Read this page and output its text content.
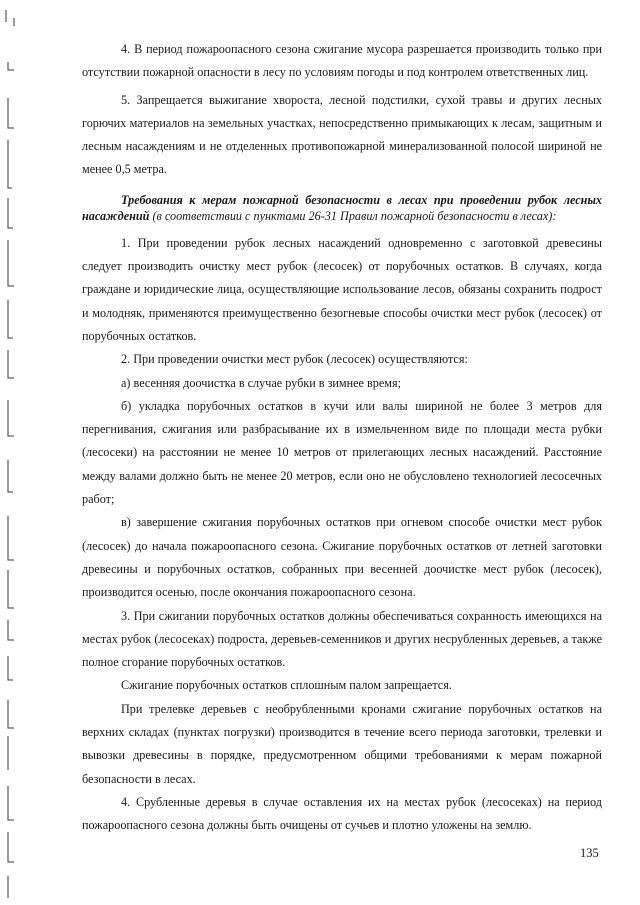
4. В период пожароопасного сезона сжигание мусора разрешается производить только при отсутствии пожарной опасности в лесу по условиям погоды и под контролем ответственных лиц.

5. Запрещается выжигание хвороста, лесной подстилки, сухой травы и других лесных горючих материалов на земельных участках, непосредственно примыкающих к лесам, защитным и лесным насаждениям и не отделенных противопожарной минерализованной полосой шириной не менее 0,5 метра.

Требования к мерам пожарной безопасности в лесах при проведении рубок лесных насаждений (в соответствии с пунктами 26-31 Правил пожарной безопасности в лесах):

1. При проведении рубок лесных насаждений одновременно с заготовкой древесины следует производить очистку мест рубок (лесосек) от порубочных остатков. В случаях, когда граждане и юридические лица, осуществляющие использование лесов, обязаны сохранить подрост и молодняк, применяются преимущественно безогневые способы очистки мест рубок (лесосек) от порубочных остатков.

2. При проведении очистки мест рубок (лесосек) осуществляются:

а) весенняя доочистка в случае рубки в зимнее время;

б) укладка порубочных остатков в кучи или валы шириной не более 3 метров для перегнивания, сжигания или разбрасывание их в измельченном виде по площади места рубки (лесосеки) на расстоянии не менее 10 метров от прилегающих лесных насаждений. Расстояние между валами должно быть не менее 20 метров, если оно не обусловлено технологией лесосечных работ;

в) завершение сжигания порубочных остатков при огневом способе очистки мест рубок (лесосек) до начала пожароопасного сезона. Сжигание порубочных остатков от летней заготовки древесины и порубочных остатков, собранных при весенней доочистке мест рубок (лесосек), производится осенью, после окончания пожароопасного сезона.

3. При сжигании порубочных остатков должны обеспечиваться сохранность имеющихся на местах рубок (лесосеках) подроста, деревьев-семенников и других несрубленных деревьев, а также полное сгорание порубочных остатков.

Сжигание порубочных остатков сплошным палом запрещается.

При трелевке деревьев с необрубленными кронами сжигание порубочных остатков на верхних складах (пунктах погрузки) производится в течение всего периода заготовки, трелевки и вывозки древесины в порядке, предусмотренном общими требованиями к мерам пожарной безопасности в лесах.

4. Срубленные деревья в случае оставления их на местах рубок (лесосеках) на период пожароопасного сезона должны быть очищены от сучьев и плотно уложены на землю.

135
